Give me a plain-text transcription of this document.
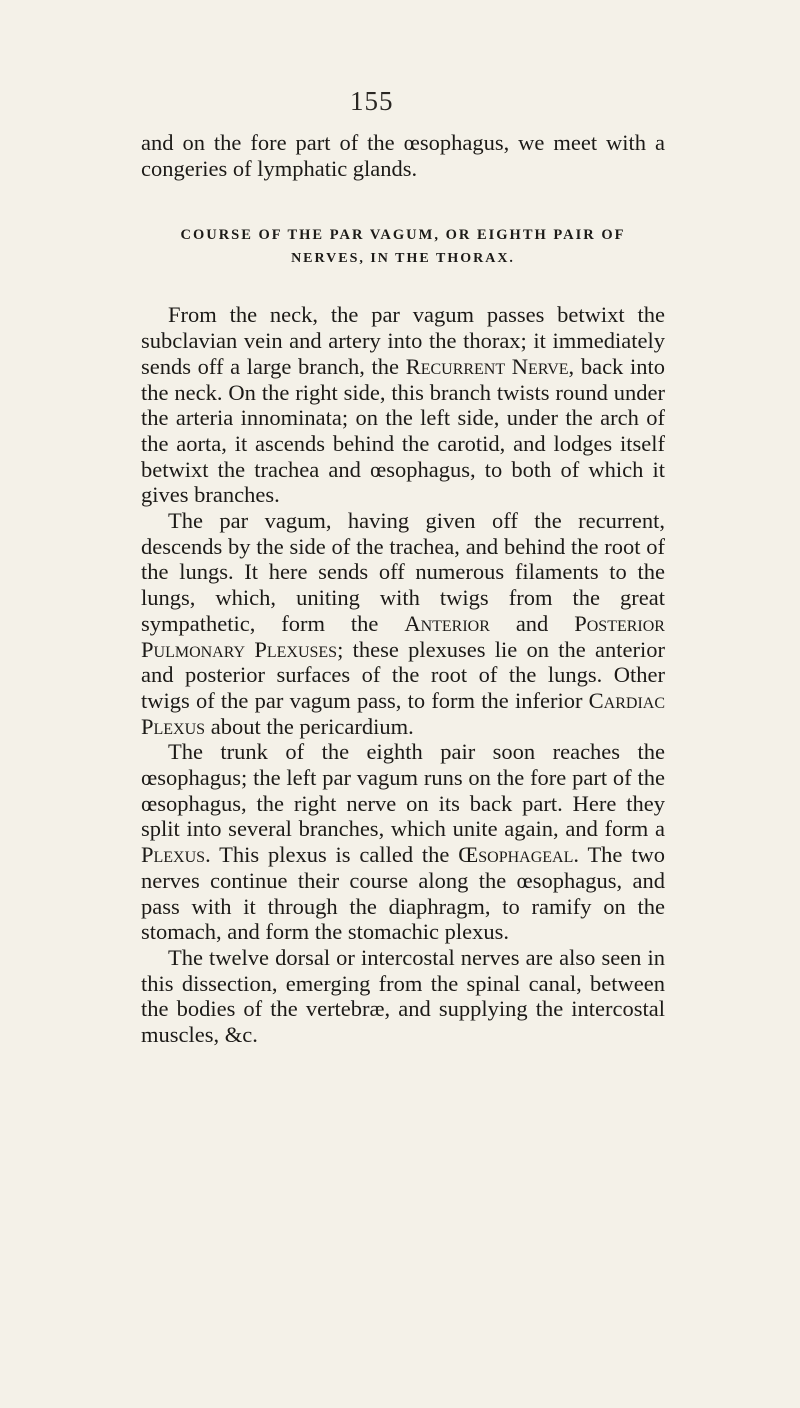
155

and on the fore part of the œsophagus, we meet with a congeries of lymphatic glands.

COURSE OF THE PAR VAGUM, OR EIGHTH PAIR OF
NERVES, IN THE THORAX.

From the neck, the par vagum passes betwixt the subclavian vein and artery into the thorax; it immediately sends off a large branch, the Recurrent Nerve, back into the neck. On the right side, this branch twists round under the arteria innominata; on the left side, under the arch of the aorta, it ascends behind the carotid, and lodges itself betwixt the trachea and œsophagus, to both of which it gives branches.

The par vagum, having given off the recurrent, descends by the side of the trachea, and behind the root of the lungs. It here sends off numerous filaments to the lungs, which, uniting with twigs from the great sympathetic, form the Anterior and Posterior Pulmonary Plexuses; these plexuses lie on the anterior and posterior surfaces of the root of the lungs. Other twigs of the par vagum pass, to form the inferior Cardiac Plexus about the pericardium.

The trunk of the eighth pair soon reaches the œsophagus; the left par vagum runs on the fore part of the œsophagus, the right nerve on its back part. Here they split into several branches, which unite again, and form a Plexus. This plexus is called the Œsophageal. The two nerves continue their course along the œsophagus, and pass with it through the diaphragm, to ramify on the stomach, and form the stomachic plexus.

The twelve dorsal or intercostal nerves are also seen in this dissection, emerging from the spinal canal, between the bodies of the vertebræ, and supplying the intercostal muscles, &c.
